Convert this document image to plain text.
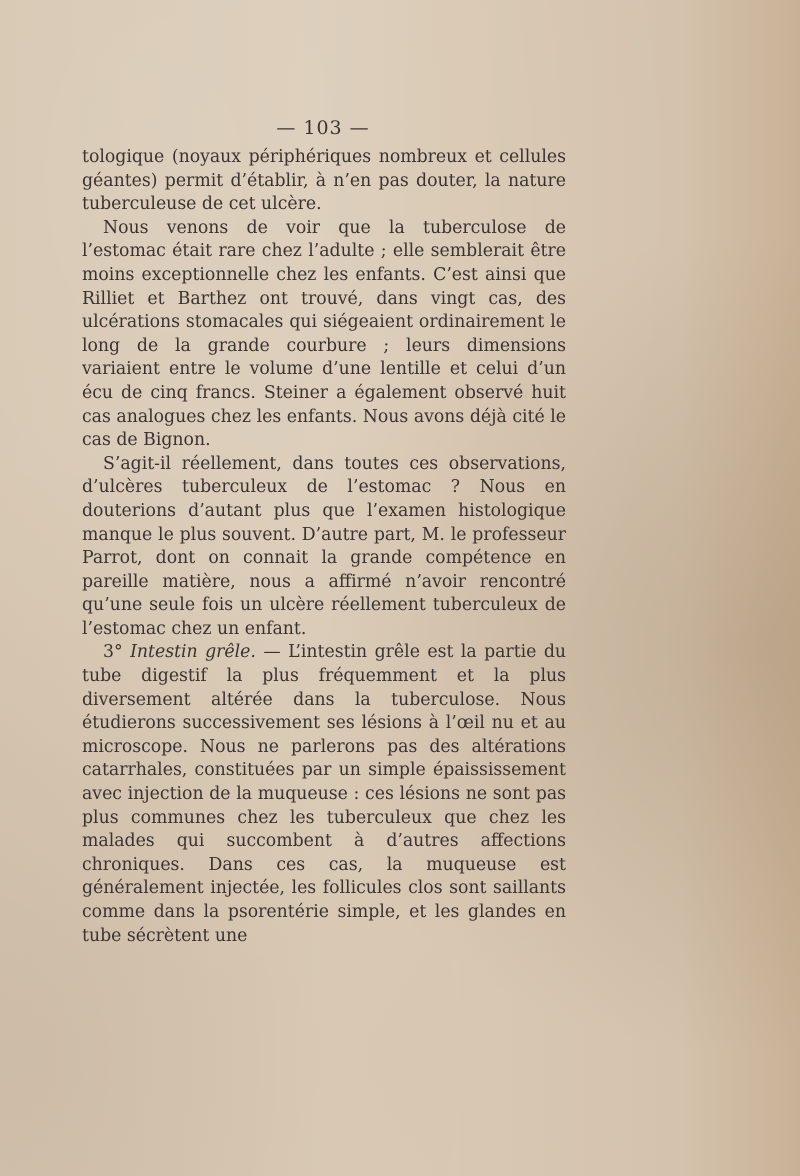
— 103 —

tologique (noyaux périphériques nombreux et cellules géantes) permit d’établir, à n’en pas douter, la nature tuberculeuse de cet ulcère.

Nous venons de voir que la tuberculose de l’estomac était rare chez l’adulte ; elle semblerait être moins exceptionnelle chez les enfants. C’est ainsi que Rilliet et Barthez ont trouvé, dans vingt cas, des ulcérations stomacales qui siégeaient ordinairement le long de la grande courbure ; leurs dimensions variaient entre le volume d’une lentille et celui d’un écu de cinq francs. Steiner a également observé huit cas analogues chez les enfants. Nous avons déjà cité le cas de Bignon.

S’agit-il réellement, dans toutes ces observations, d’ulcères tuberculeux de l’estomac ? Nous en douterions d’autant plus que l’examen histologique manque le plus souvent. D’autre part, M. le professeur Parrot, dont on connait la grande compétence en pareille matière, nous a affirmé n’avoir rencontré qu’une seule fois un ulcère réellement tuberculeux de l’estomac chez un enfant.

3° Intestin grêle. — L’intestin grêle est la partie du tube digestif la plus fréquemment et la plus diversement altérée dans la tuberculose. Nous étudierons successivement ses lésions à l’œil nu et au microscope. Nous ne parlerons pas des altérations catarrhales, constituées par un simple épaississement avec injection de la muqueuse : ces lésions ne sont pas plus communes chez les tuberculeux que chez les malades qui succombent à d’autres affections chroniques. Dans ces cas, la muqueuse est généralement injectée, les follicules clos sont saillants comme dans la psorentérie simple, et les glandes en tube sécrètent une
